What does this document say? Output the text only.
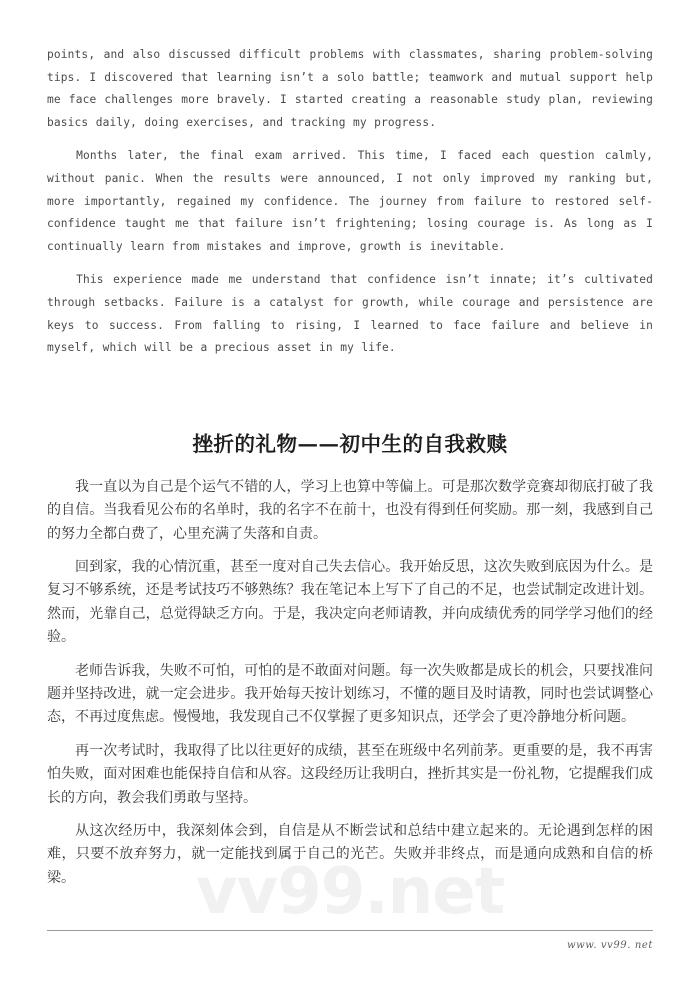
vv99.net

points, and also discussed difficult problems with classmates, sharing problem-solving tips. I discovered that learning isn’t a solo battle; teamwork and mutual support help me face challenges more bravely. I started creating a reasonable study plan, reviewing basics daily, doing exercises, and tracking my progress.

Months later, the final exam arrived. This time, I faced each question calmly, without panic. When the results were announced, I not only improved my ranking but, more importantly, regained my confidence. The journey from failure to restored self-confidence taught me that failure isn’t frightening; losing courage is. As long as I continually learn from mistakes and improve, growth is inevitable.

This experience made me understand that confidence isn’t innate; it’s cultivated through setbacks. Failure is a catalyst for growth, while courage and persistence are keys to success. From falling to rising, I learned to face failure and believe in myself, which will be a precious asset in my life.

挫折的礼物——初中生的自我救赎

我一直以为自己是个运气不错的人，学习上也算中等偏上。可是那次数学竞赛却彻底打破了我的自信。当我看见公布的名单时，我的名字不在前十，也没有得到任何奖励。那一刻，我感到自己的努力全都白费了，心里充满了失落和自责。

回到家，我的心情沉重，甚至一度对自己失去信心。我开始反思，这次失败到底因为什么。是复习不够系统，还是考试技巧不够熟练？我在笔记本上写下了自己的不足，也尝试制定改进计划。然而，光靠自己，总觉得缺乏方向。于是，我决定向老师请教，并向成绩优秀的同学学习他们的经验。

老师告诉我，失败不可怕，可怕的是不敢面对问题。每一次失败都是成长的机会，只要找准问题并坚持改进，就一定会进步。我开始每天按计划练习，不懂的题目及时请教，同时也尝试调整心态，不再过度焦虑。慢慢地，我发现自己不仅掌握了更多知识点，还学会了更冷静地分析问题。

再一次考试时，我取得了比以往更好的成绩，甚至在班级中名列前茅。更重要的是，我不再害怕失败，面对困难也能保持自信和从容。这段经历让我明白，挫折其实是一份礼物，它提醒我们成长的方向，教会我们勇敢与坚持。

从这次经历中，我深刻体会到，自信是从不断尝试和总结中建立起来的。无论遇到怎样的困难，只要不放弃努力，就一定能找到属于自己的光芒。失败并非终点，而是通向成熟和自信的桥梁。

www. vv99. net
